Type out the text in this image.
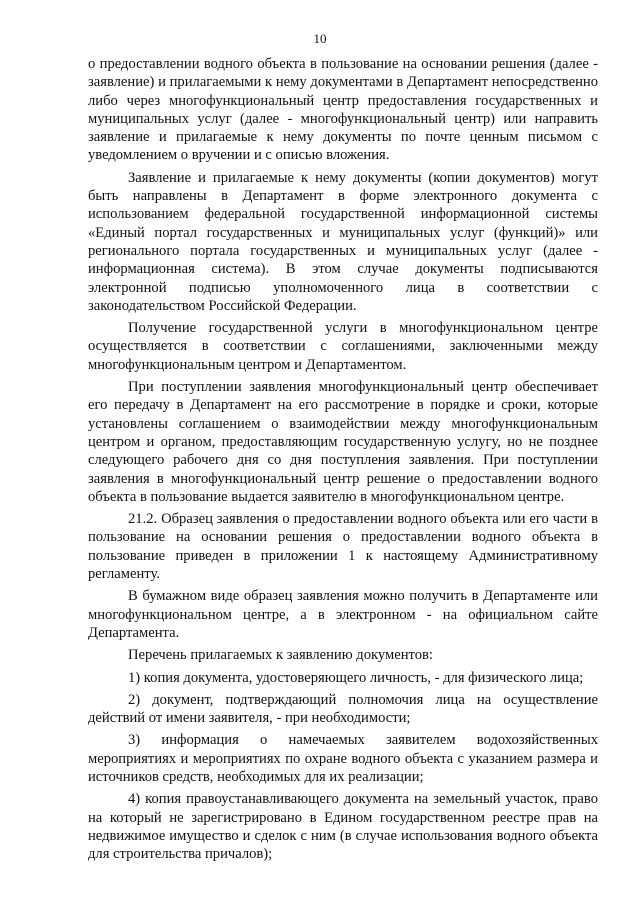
10

о предоставлении водного объекта в пользование на основании решения (далее - заявление) и прилагаемыми к нему документами в Департамент непосредственно либо через многофункциональный центр предоставления государственных и муниципальных услуг (далее - многофункциональный центр) или направить заявление и прилагаемые к нему документы по почте ценным письмом с уведомлением о вручении и с описью вложения.

Заявление и прилагаемые к нему документы (копии документов) могут быть направлены в Департамент в форме электронного документа с использованием федеральной государственной информационной системы «Единый портал государственных и муниципальных услуг (функций)» или регионального портала государственных и муниципальных услуг (далее - информационная система). В этом случае документы подписываются электронной подписью уполномоченного лица в соответствии с законодательством Российской Федерации.

Получение государственной услуги в многофункциональном центре осуществляется в соответствии с соглашениями, заключенными между многофункциональным центром и Департаментом.

При поступлении заявления многофункциональный центр обеспечивает его передачу в Департамент на его рассмотрение в порядке и сроки, которые установлены соглашением о взаимодействии между многофункциональным центром и органом, предоставляющим государственную услугу, но не позднее следующего рабочего дня со дня поступления заявления. При поступлении заявления в многофункциональный центр решение о предоставлении водного объекта в пользование выдается заявителю в многофункциональном центре.

21.2. Образец заявления о предоставлении водного объекта или его части в пользование на основании решения о предоставлении водного объекта в пользование приведен в приложении 1 к настоящему Административному регламенту.

В бумажном виде образец заявления можно получить в Департаменте или многофункциональном центре, а в электронном - на официальном сайте Департамента.

Перечень прилагаемых к заявлению документов:

1) копия документа, удостоверяющего личность, - для физического лица;

2) документ, подтверждающий полномочия лица на осуществление действий от имени заявителя, - при необходимости;

3) информация о намечаемых заявителем водохозяйственных мероприятиях и мероприятиях по охране водного объекта с указанием размера и источников средств, необходимых для их реализации;

4) копия правоустанавливающего документа на земельный участок, право на который не зарегистрировано в Едином государственном реестре прав на недвижимое имущество и сделок с ним (в случае использования водного объекта для строительства причалов);
